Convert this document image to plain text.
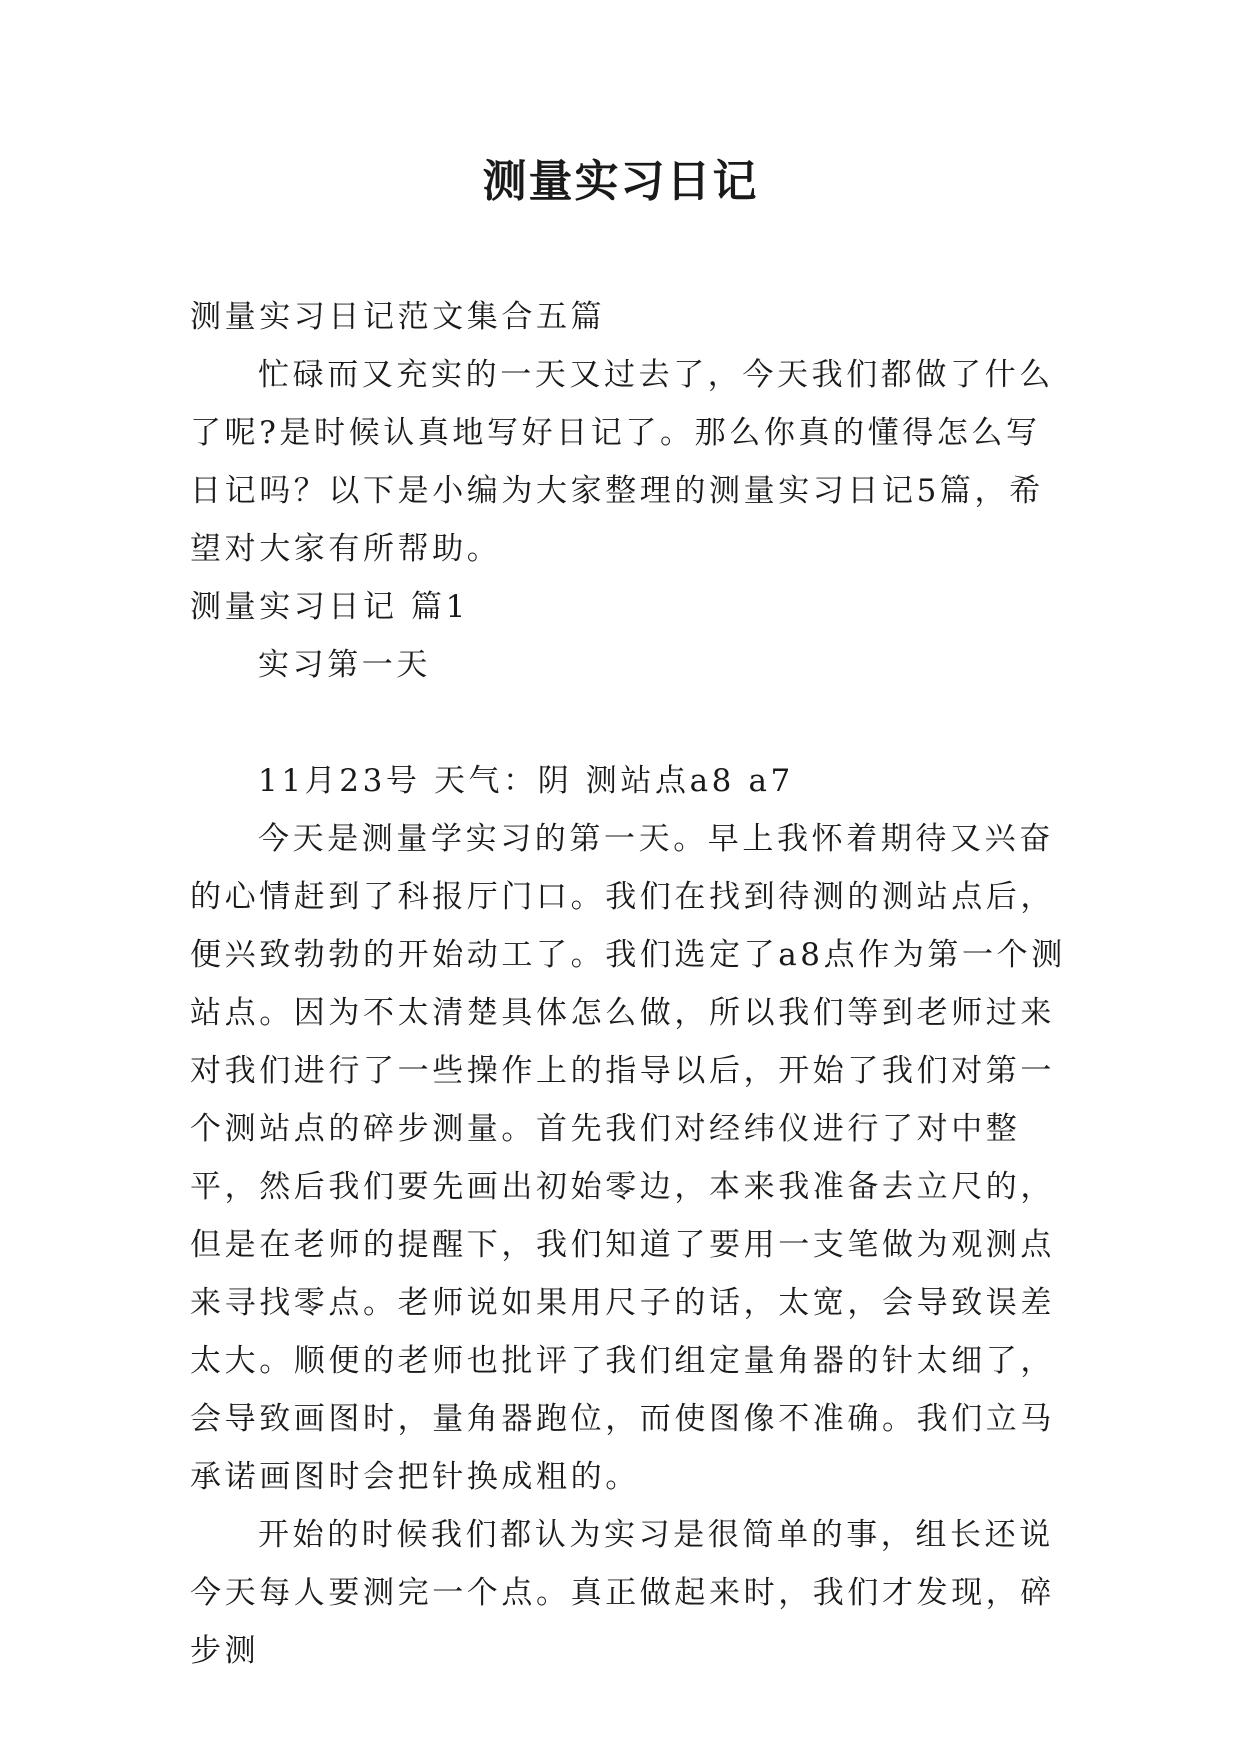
测量实习日记

测量实习日记范文集合五篇

忙碌而又充实的一天又过去了，今天我们都做了什么了呢?是时候认真地写好日记了。那么你真的懂得怎么写日记吗？以下是小编为大家整理的测量实习日记5篇，希望对大家有所帮助。

测量实习日记 篇1

实习第一天

11月23号 天气：阴 测站点a8 a7

今天是测量学实习的第一天。早上我怀着期待又兴奋的心情赶到了科报厅门口。我们在找到待测的测站点后，便兴致勃勃的开始动工了。我们选定了a8点作为第一个测站点。因为不太清楚具体怎么做，所以我们等到老师过来对我们进行了一些操作上的指导以后，开始了我们对第一个测站点的碎步测量。首先我们对经纬仪进行了对中整平，然后我们要先画出初始零边，本来我准备去立尺的，但是在老师的提醒下，我们知道了要用一支笔做为观测点来寻找零点。老师说如果用尺子的话，太宽，会导致误差太大。顺便的老师也批评了我们组定量角器的针太细了，会导致画图时，量角器跑位，而使图像不准确。我们立马承诺画图时会把针换成粗的。

开始的时候我们都认为实习是很简单的事，组长还说今天每人要测完一个点。真正做起来时，我们才发现，碎步测
